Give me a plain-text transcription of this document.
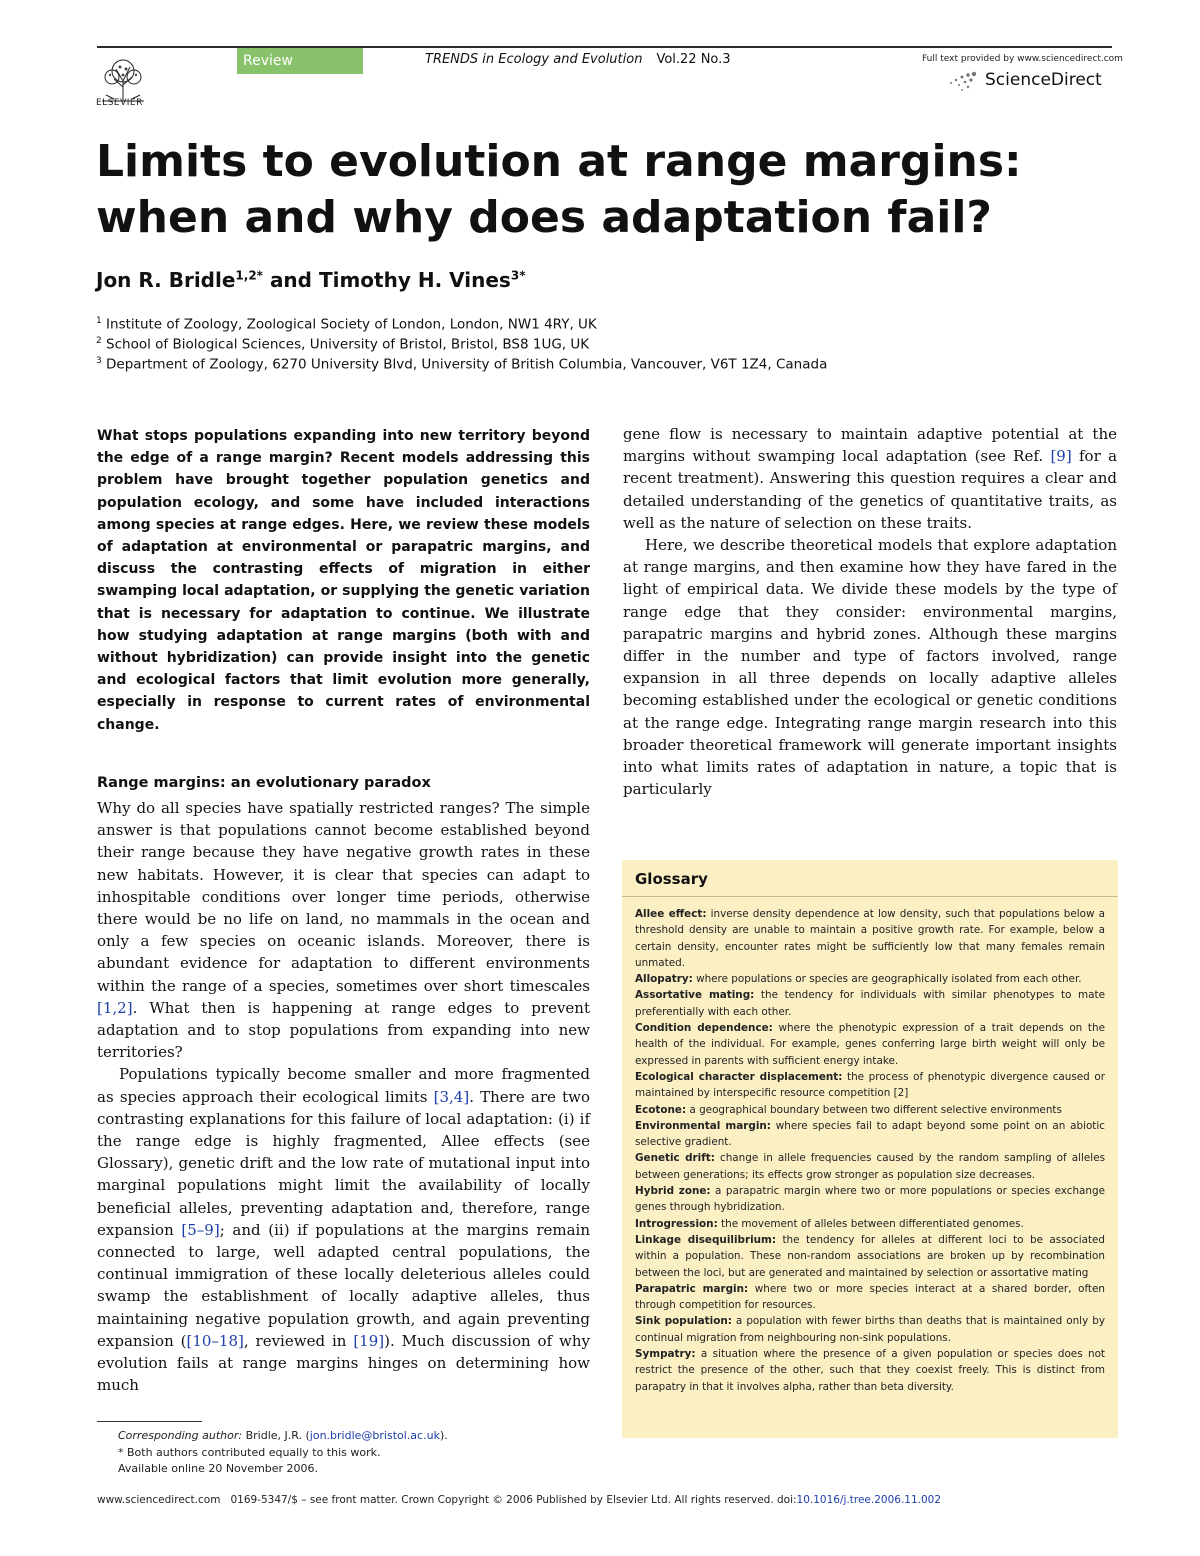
Review	TRENDS in Ecology and Evolution Vol.22 No.3
ELSEVIER
Full text provided by www.sciencedirect.com
ScienceDirect
Limits to evolution at range margins:
when and why does adaptation fail?
Jon R. Bridle$^{1,2*}$ and Timothy H. Vines$^{3*}$
$^1$ Institute of Zoology, Zoological Society of London, London, NW1 4RY, UK
$^2$ School of Biological Sciences, University of Bristol, Bristol, BS8 1UG, UK
$^3$ Department of Zoology, 6270 University Blvd, University of British Columbia, Vancouver, V6T 1Z4, Canada
What stops populations expanding into new territory beyond the edge of a range margin? Recent models addressing this problem have brought together population genetics and population ecology, and some have included interactions among species at range edges. Here, we review these models of adaptation at environmental or parapatric margins, and discuss the contrasting effects of migration in either swamping local adaptation, or supplying the genetic variation that is necessary for adaptation to continue. We illustrate how studying adaptation at range margins (both with and without hybridization) can provide insight into the genetic and ecological factors that limit evolution more generally, especially in response to current rates of environmental change.
Range margins: an evolutionary paradox
Why do all species have spatially restricted ranges? The simple answer is that populations cannot become established beyond their range because they have negative growth rates in these new habitats. However, it is clear that species can adapt to inhospitable conditions over longer time periods, otherwise there would be no life on land, no mammals in the ocean and only a few species on oceanic islands. Moreover, there is abundant evidence for adaptation to different environments within the range of a species, sometimes over short timescales [1,2]. What then is happening at range edges to prevent adaptation and to stop populations from expanding into new territories?
Populations typically become smaller and more fragmented as species approach their ecological limits [3,4]. There are two contrasting explanations for this failure of local adaptation: (i) if the range edge is highly fragmented, Allee effects (see Glossary), genetic drift and the low rate of mutational input into marginal populations might limit the availability of locally beneficial alleles, preventing adaptation and, therefore, range expansion [5–9]; and (ii) if populations at the margins remain connected to large, well adapted central populations, the continual immigration of these locally deleterious alleles could swamp the establishment of locally adaptive alleles, thus maintaining negative population growth, and again preventing expansion ([10–18], reviewed in [19]). Much discussion of why evolution fails at range margins hinges on determining how much
gene flow is necessary to maintain adaptive potential at the margins without swamping local adaptation (see Ref. [9] for a recent treatment). Answering this question requires a clear and detailed understanding of the genetics of quantitative traits, as well as the nature of selection on these traits.
Here, we describe theoretical models that explore adaptation at range margins, and then examine how they have fared in the light of empirical data. We divide these models by the type of range edge that they consider: environmental margins, parapatric margins and hybrid zones. Although these margins differ in the number and type of factors involved, range expansion in all three depends on locally adaptive alleles becoming established under the ecological or genetic conditions at the range edge. Integrating range margin research into this broader theoretical framework will generate important insights into what limits rates of adaptation in nature, a topic that is particularly
Glossary
Allee effect: inverse density dependence at low density, such that populations below a threshold density are unable to maintain a positive growth rate. For example, below a certain density, encounter rates might be sufficiently low that many females remain unmated.
Allopatry: where populations or species are geographically isolated from each other.
Assortative mating: the tendency for individuals with similar phenotypes to mate preferentially with each other.
Condition dependence: where the phenotypic expression of a trait depends on the health of the individual. For example, genes conferring large birth weight will only be expressed in parents with sufficient energy intake.
Ecological character displacement: the process of phenotypic divergence caused or maintained by interspecific resource competition [2]
Ecotone: a geographical boundary between two different selective environments
Environmental margin: where species fail to adapt beyond some point on an abiotic selective gradient.
Genetic drift: change in allele frequencies caused by the random sampling of alleles between generations; its effects grow stronger as population size decreases.
Hybrid zone: a parapatric margin where two or more populations or species exchange genes through hybridization.
Introgression: the movement of alleles between differentiated genomes.
Linkage disequilibrium: the tendency for alleles at different loci to be associated within a population. These non-random associations are broken up by recombination between the loci, but are generated and maintained by selection or assortative mating
Parapatric margin: where two or more species interact at a shared border, often through competition for resources.
Sink population: a population with fewer births than deaths that is maintained only by continual migration from neighbouring non-sink populations.
Sympatry: a situation where the presence of a given population or species does not restrict the presence of the other, such that they coexist freely. This is distinct from parapatry in that it involves alpha, rather than beta diversity.
Corresponding author: Bridle, J.R. (jon.bridle@bristol.ac.uk).
* Both authors contributed equally to this work.
Available online 20 November 2006.
www.sciencedirect.com 0169-5347/$ – see front matter. Crown Copyright © 2006 Published by Elsevier Ltd. All rights reserved. doi:10.1016/j.tree.2006.11.002
